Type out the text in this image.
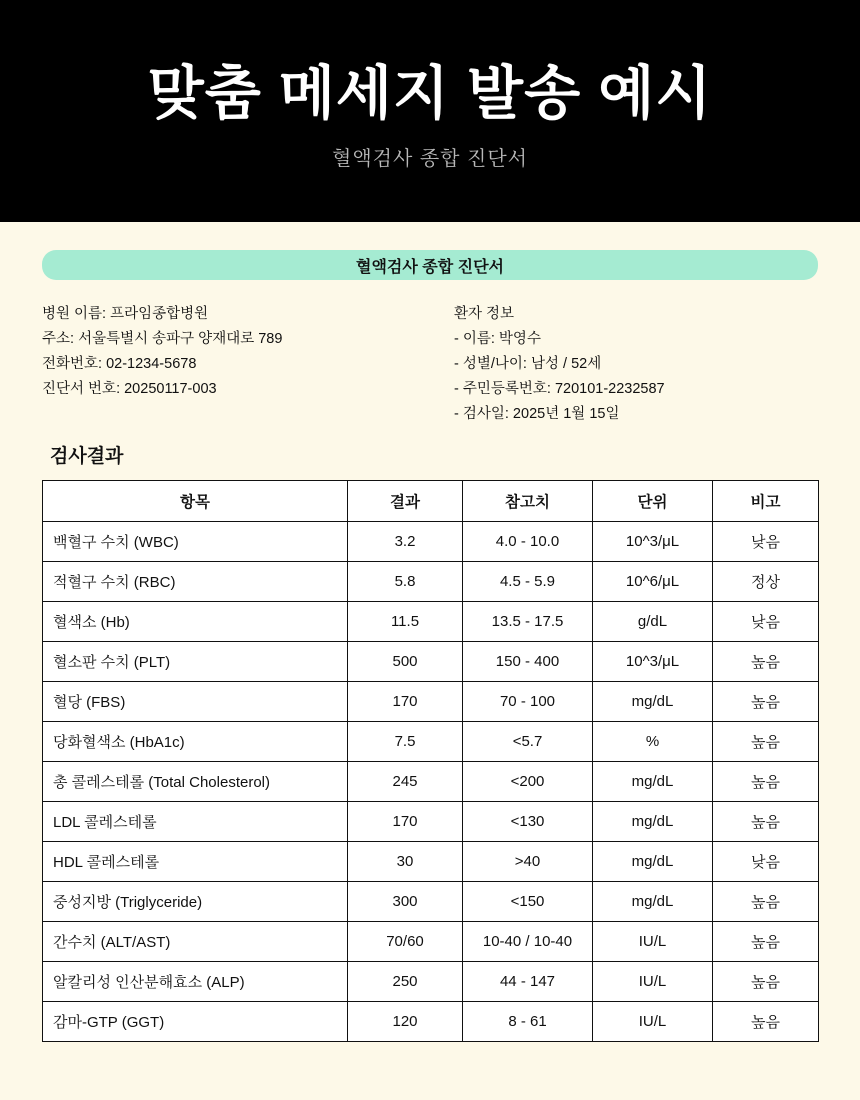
맞춤 메세지 발송 예시

혈액검사 종합 진단서

혈액검사 종합 진단서
병원 이름: 프라임종합병원
주소: 서울특별시 송파구 양재대로 789
전화번호: 02-1234-5678
진단서 번호: 20250117-003
환자 정보
- 이름: 박영수
- 성별/나이: 남성 / 52세
- 주민등록번호: 720101-2232587
- 검사일: 2025년 1월 15일
검사결과
항목	결과	참고치	단위	비고
백혈구 수치 (WBC)	3.2	4.0 - 10.0	10^3/μL	낮음
적혈구 수치 (RBC)	5.8	4.5 - 5.9	10^6/μL	정상
혈색소 (Hb)	11.5	13.5 - 17.5	g/dL	낮음
혈소판 수치 (PLT)	500	150 - 400	10^3/μL	높음
혈당 (FBS)	170	70 - 100	mg/dL	높음
당화혈색소 (HbA1c)	7.5	<5.7	%	높음
총 콜레스테롤 (Total Cholesterol)	245	<200	mg/dL	높음
LDL 콜레스테롤	170	<130	mg/dL	높음
HDL 콜레스테롤	30	>40	mg/dL	낮음
중성지방 (Triglyceride)	300	<150	mg/dL	높음
간수치 (ALT/AST)	70/60	10-40 / 10-40	IU/L	높음
알칼리성 인산분해효소 (ALP)	250	44 - 147	IU/L	높음
감마-GTP (GGT)	120	8 - 61	IU/L	높음
